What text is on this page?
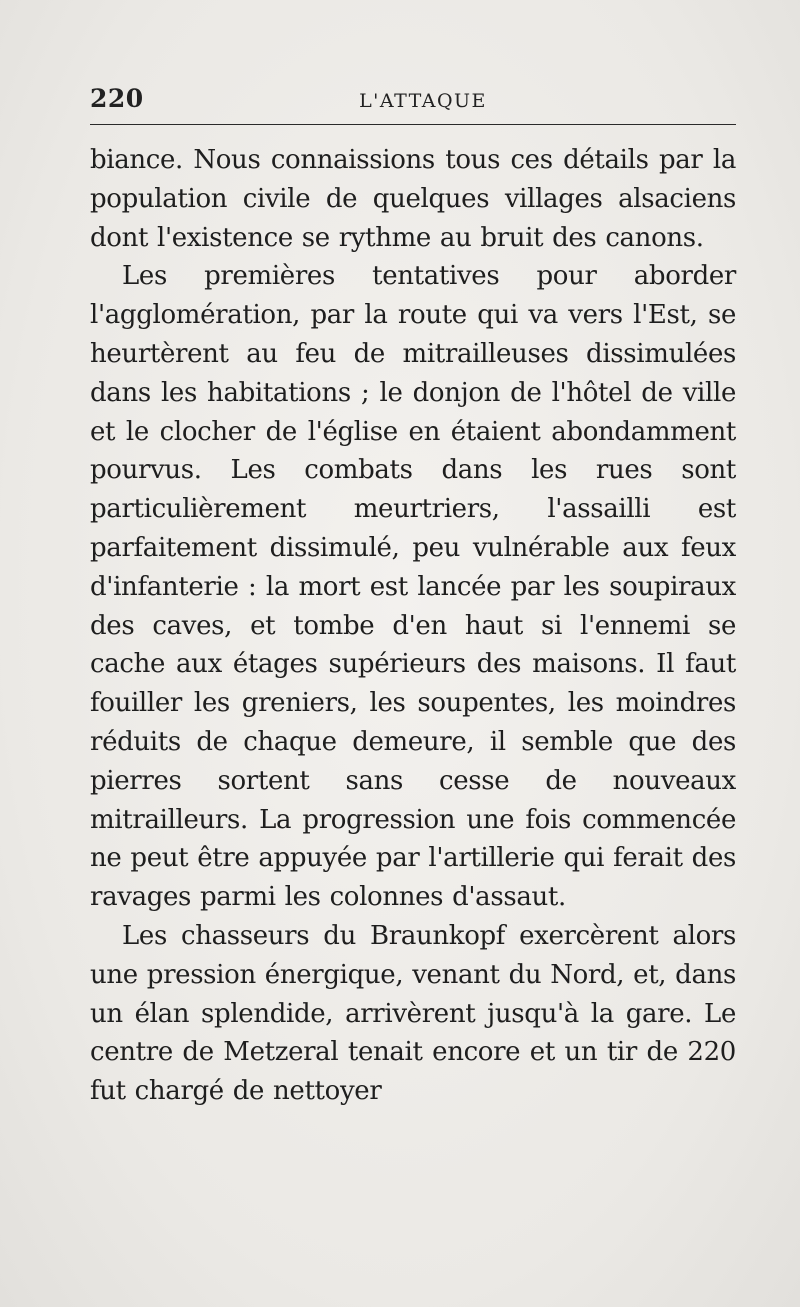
220	L'ATTAQUE

biance. Nous connaissions tous ces détails par la population civile de quelques villages alsaciens dont l'existence se rythme au bruit des canons.

Les premières tentatives pour aborder l'agglomération, par la route qui va vers l'Est, se heurtèrent au feu de mitrailleuses dissimulées dans les habitations ; le donjon de l'hôtel de ville et le clocher de l'église en étaient abondamment pourvus. Les combats dans les rues sont particulièrement meurtriers, l'assailli est parfaitement dissimulé, peu vulnérable aux feux d'infanterie : la mort est lancée par les soupiraux des caves, et tombe d'en haut si l'ennemi se cache aux étages supérieurs des maisons. Il faut fouiller les greniers, les soupentes, les moindres réduits de chaque demeure, il semble que des pierres sortent sans cesse de nouveaux mitrailleurs. La progression une fois commencée ne peut être appuyée par l'artillerie qui ferait des ravages parmi les colonnes d'assaut.

Les chasseurs du Braunkopf exercèrent alors une pression énergique, venant du Nord, et, dans un élan splendide, arrivèrent jusqu'à la gare. Le centre de Metzeral tenait encore et un tir de 220 fut chargé de nettoyer
